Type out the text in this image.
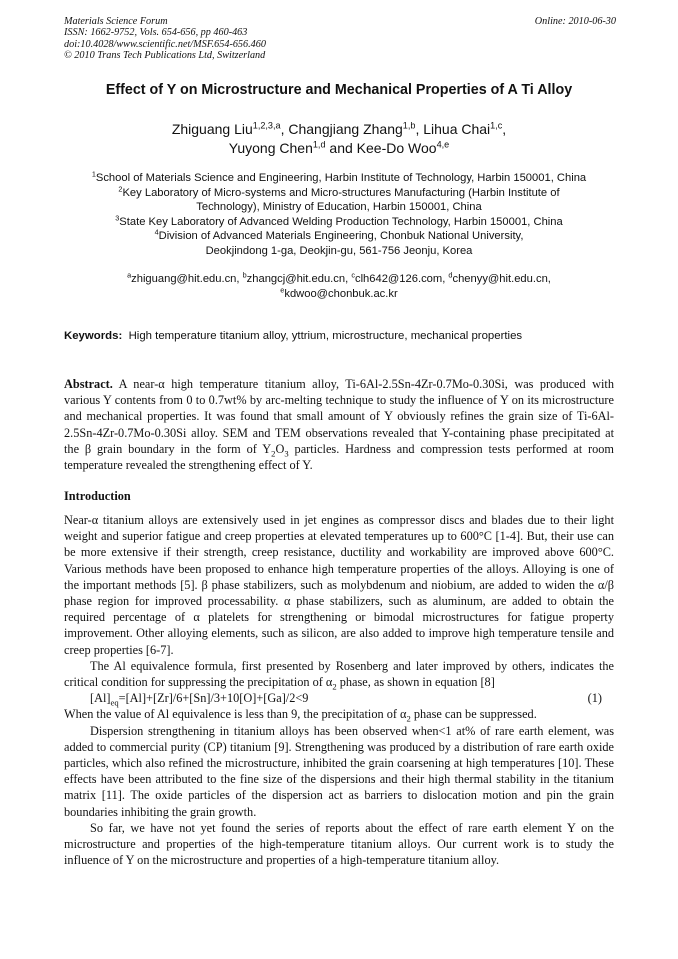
Materials Science Forum
ISSN: 1662-9752, Vols. 654-656, pp 460-463
doi:10.4028/www.scientific.net/MSF.654-656.460
© 2010 Trans Tech Publications Ltd, Switzerland
Online: 2010-06-30
Effect of Y on Microstructure and Mechanical Properties of A Ti Alloy
Zhiguang Liu$^{1,2,3,a}$, Changjiang Zhang$^{1,b}$, Lihua Chai$^{1,c}$,
Yuyong Chen$^{1,d}$ and Kee-Do Woo$^{4,e}$
$^1$School of Materials Science and Engineering, Harbin Institute of Technology, Harbin 150001, China
$^2$Key Laboratory of Micro-systems and Micro-structures Manufacturing (Harbin Institute of
Technology), Ministry of Education, Harbin 150001, China
$^3$State Key Laboratory of Advanced Welding Production Technology, Harbin 150001, China
$^4$Division of Advanced Materials Engineering, Chonbuk National University,
Deokjindong 1-ga, Deokjin-gu, 561-756 Jeonju, Korea
$^a$zhiguang@hit.edu.cn, $^b$zhangcj@hit.edu.cn, $^c$clh642@126.com, $^d$chenyy@hit.edu.cn,
$^e$kdwoo@chonbuk.ac.kr
Keywords: High temperature titanium alloy, yttrium, microstructure, mechanical properties
Abstract. A near-α high temperature titanium alloy, Ti-6Al-2.5Sn-4Zr-0.7Mo-0.30Si, was produced with various Y contents from 0 to 0.7wt% by arc-melting technique to study the influence of Y on its microstructure and mechanical properties. It was found that small amount of Y obviously refines the grain size of Ti-6Al-2.5Sn-4Zr-0.7Mo-0.30Si alloy. SEM and TEM observations revealed that Y-containing phase precipitated at the β grain boundary in the form of $Y_2O_3$ particles. Hardness and compression tests performed at room temperature revealed the strengthening effect of Y.
Introduction

Near-α titanium alloys are extensively used in jet engines as compressor discs and blades due to their light weight and superior fatigue and creep properties at elevated temperatures up to 600°C [1-4]. But, their use can be more extensive if their strength, creep resistance, ductility and workability are improved above 600°C. Various methods have been proposed to enhance high temperature properties of the alloys. Alloying is one of the important methods [5]. β phase stabilizers, such as molybdenum and niobium, are added to widen the α/β phase region for improved processability. α phase stabilizers, such as aluminum, are added to obtain the required percentage of α platelets for strengthening or bimodal microstructures for fatigue property improvement. Other alloying elements, such as silicon, are also added to improve high temperature tensile and creep properties [6-7].

The Al equivalence formula, first presented by Rosenberg and later improved by others, indicates the critical condition for suppressing the precipitation of $\alpha_2$ phase, as shown in equation [8]

$[Al]_{eq}=[Al]+[Zr]/6+[Sn]/3+10[O]+[Ga]/2<9$	(1)

When the value of Al equivalence is less than 9, the precipitation of $\alpha_2$ phase can be suppressed.

Dispersion strengthening in titanium alloys has been observed when<1 at% of rare earth element, was added to commercial purity (CP) titanium [9]. Strengthening was produced by a distribution of rare earth oxide particles, which also refined the microstructure, inhibited the grain coarsening at high temperatures [10]. These effects have been attributed to the fine size of the dispersions and their high thermal stability in the titanium matrix [11]. The oxide particles of the dispersion act as barriers to dislocation motion and pin the grain boundaries inhibiting the grain growth.

So far, we have not yet found the series of reports about the effect of rare earth element Y on the microstructure and properties of the high-temperature titanium alloys. Our current work is to study the influence of Y on the microstructure and properties of a high-temperature titanium alloy.
